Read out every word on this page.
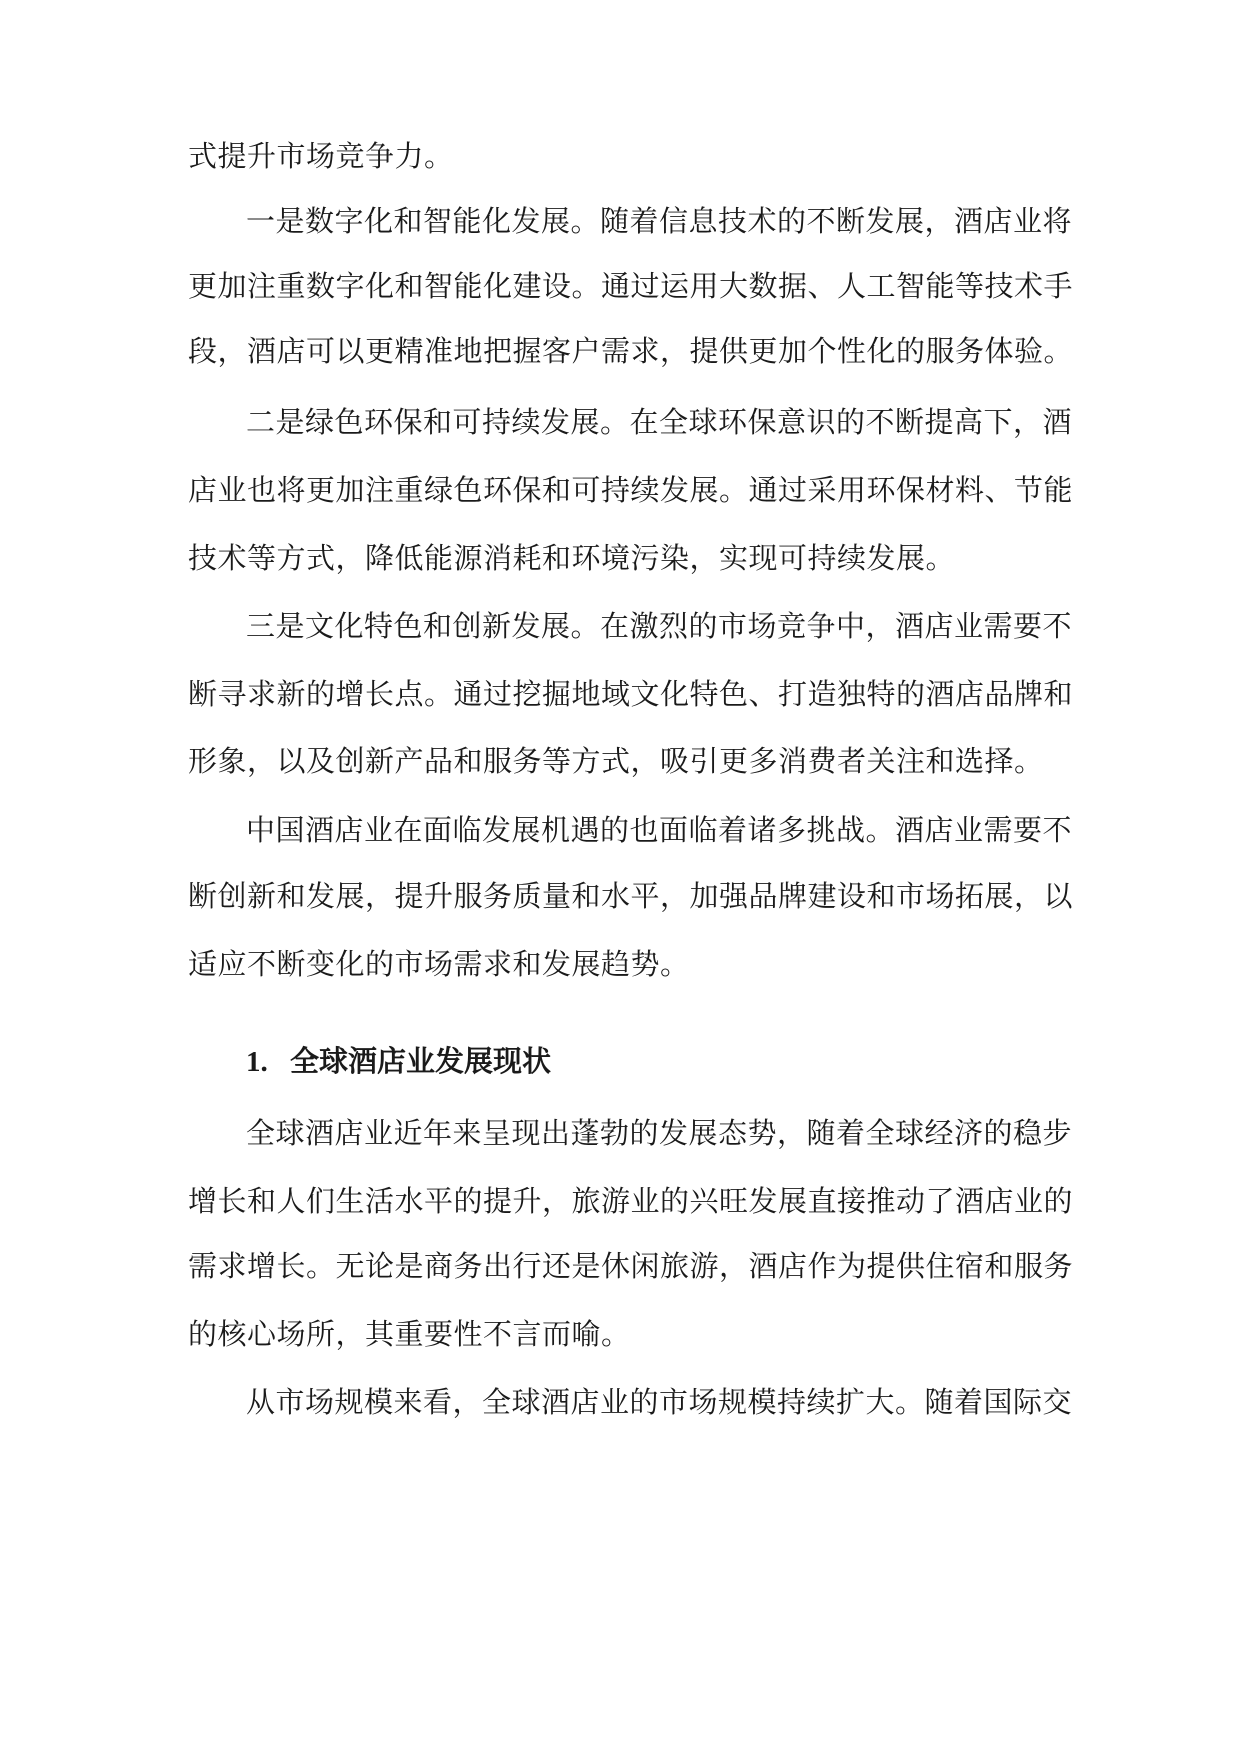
式提升市场竞争力。
一是数字化和智能化发展。随着信息技术的不断发展，酒店业将
更加注重数字化和智能化建设。通过运用大数据、人工智能等技术手
段，酒店可以更精准地把握客户需求，提供更加个性化的服务体验。
二是绿色环保和可持续发展。在全球环保意识的不断提高下，酒
店业也将更加注重绿色环保和可持续发展。通过采用环保材料、节能
技术等方式，降低能源消耗和环境污染，实现可持续发展。
三是文化特色和创新发展。在激烈的市场竞争中，酒店业需要不
断寻求新的增长点。通过挖掘地域文化特色、打造独特的酒店品牌和
形象，以及创新产品和服务等方式，吸引更多消费者关注和选择。
中国酒店业在面临发展机遇的也面临着诸多挑战。酒店业需要不
断创新和发展，提升服务质量和水平，加强品牌建设和市场拓展，以
适应不断变化的市场需求和发展趋势。
1. 全球酒店业发展现状
全球酒店业近年来呈现出蓬勃的发展态势，随着全球经济的稳步
增长和人们生活水平的提升，旅游业的兴旺发展直接推动了酒店业的
需求增长。无论是商务出行还是休闲旅游，酒店作为提供住宿和服务
的核心场所，其重要性不言而喻。
从市场规模来看，全球酒店业的市场规模持续扩大。随着国际交
